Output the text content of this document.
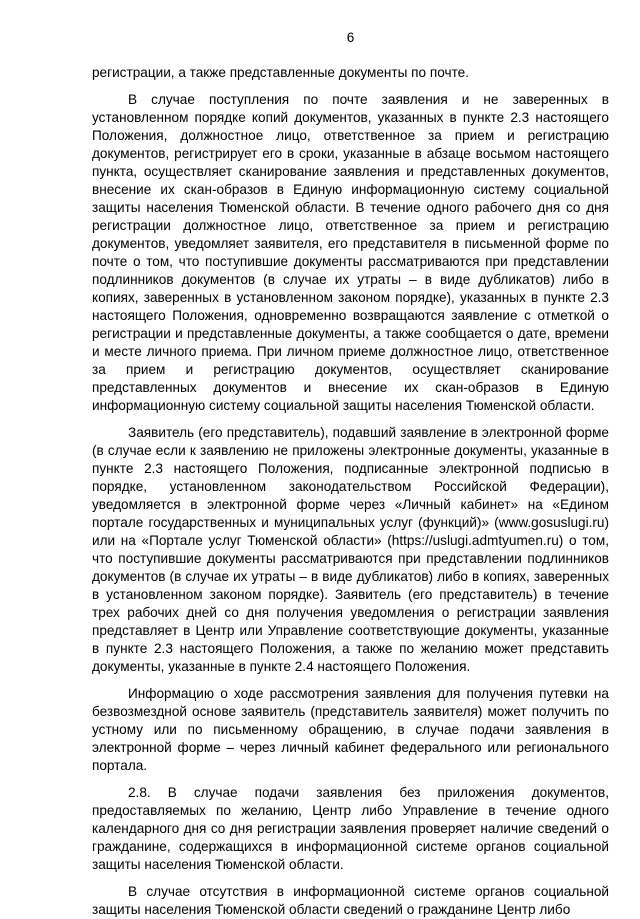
6

регистрации, а также представленные документы по почте.

В случае поступления по почте заявления и не заверенных в установленном порядке копий документов, указанных в пункте 2.3 настоящего Положения, должностное лицо, ответственное за прием и регистрацию документов, регистрирует его в сроки, указанные в абзаце восьмом настоящего пункта, осуществляет сканирование заявления и представленных документов, внесение их скан-образов в Единую информационную систему социальной защиты населения Тюменской области. В течение одного рабочего дня со дня регистрации должностное лицо, ответственное за прием и регистрацию документов, уведомляет заявителя, его представителя в письменной форме по почте о том, что поступившие документы рассматриваются при представлении подлинников документов (в случае их утраты – в виде дубликатов) либо в копиях, заверенных в установленном законом порядке), указанных в пункте 2.3 настоящего Положения, одновременно возвращаются заявление с отметкой о регистрации и представленные документы, а также сообщается о дате, времени и месте личного приема. При личном приеме должностное лицо, ответственное за прием и регистрацию документов, осуществляет сканирование представленных документов и внесение их скан-образов в Единую информационную систему социальной защиты населения Тюменской области.

Заявитель (его представитель), подавший заявление в электронной форме (в случае если к заявлению не приложены электронные документы, указанные в пункте 2.3 настоящего Положения, подписанные электронной подписью в порядке, установленном законодательством Российской Федерации), уведомляется в электронной форме через «Личный кабинет» на «Едином портале государственных и муниципальных услуг (функций)» (www.gosuslugi.ru) или на «Портале услуг Тюменской области» (https://uslugi.admtyumen.ru) о том, что поступившие документы рассматриваются при представлении подлинников документов (в случае их утраты – в виде дубликатов) либо в копиях, заверенных в установленном законом порядке). Заявитель (его представитель) в течение трех рабочих дней со дня получения уведомления о регистрации заявления представляет в Центр или Управление соответствующие документы, указанные в пункте 2.3 настоящего Положения, а также по желанию может представить документы, указанные в пункте 2.4 настоящего Положения.

Информацию о ходе рассмотрения заявления для получения путевки на безвозмездной основе заявитель (представитель заявителя) может получить по устному или по письменному обращению, в случае подачи заявления в электронной форме – через личный кабинет федерального или регионального портала.

2.8. В случае подачи заявления без приложения документов, предоставляемых по желанию, Центр либо Управление в течение одного календарного дня со дня регистрации заявления проверяет наличие сведений о гражданине, содержащихся в информационной системе органов социальной защиты населения Тюменской области.

В случае отсутствия в информационной системе органов социальной защиты населения Тюменской области сведений о гражданине Центр либо
